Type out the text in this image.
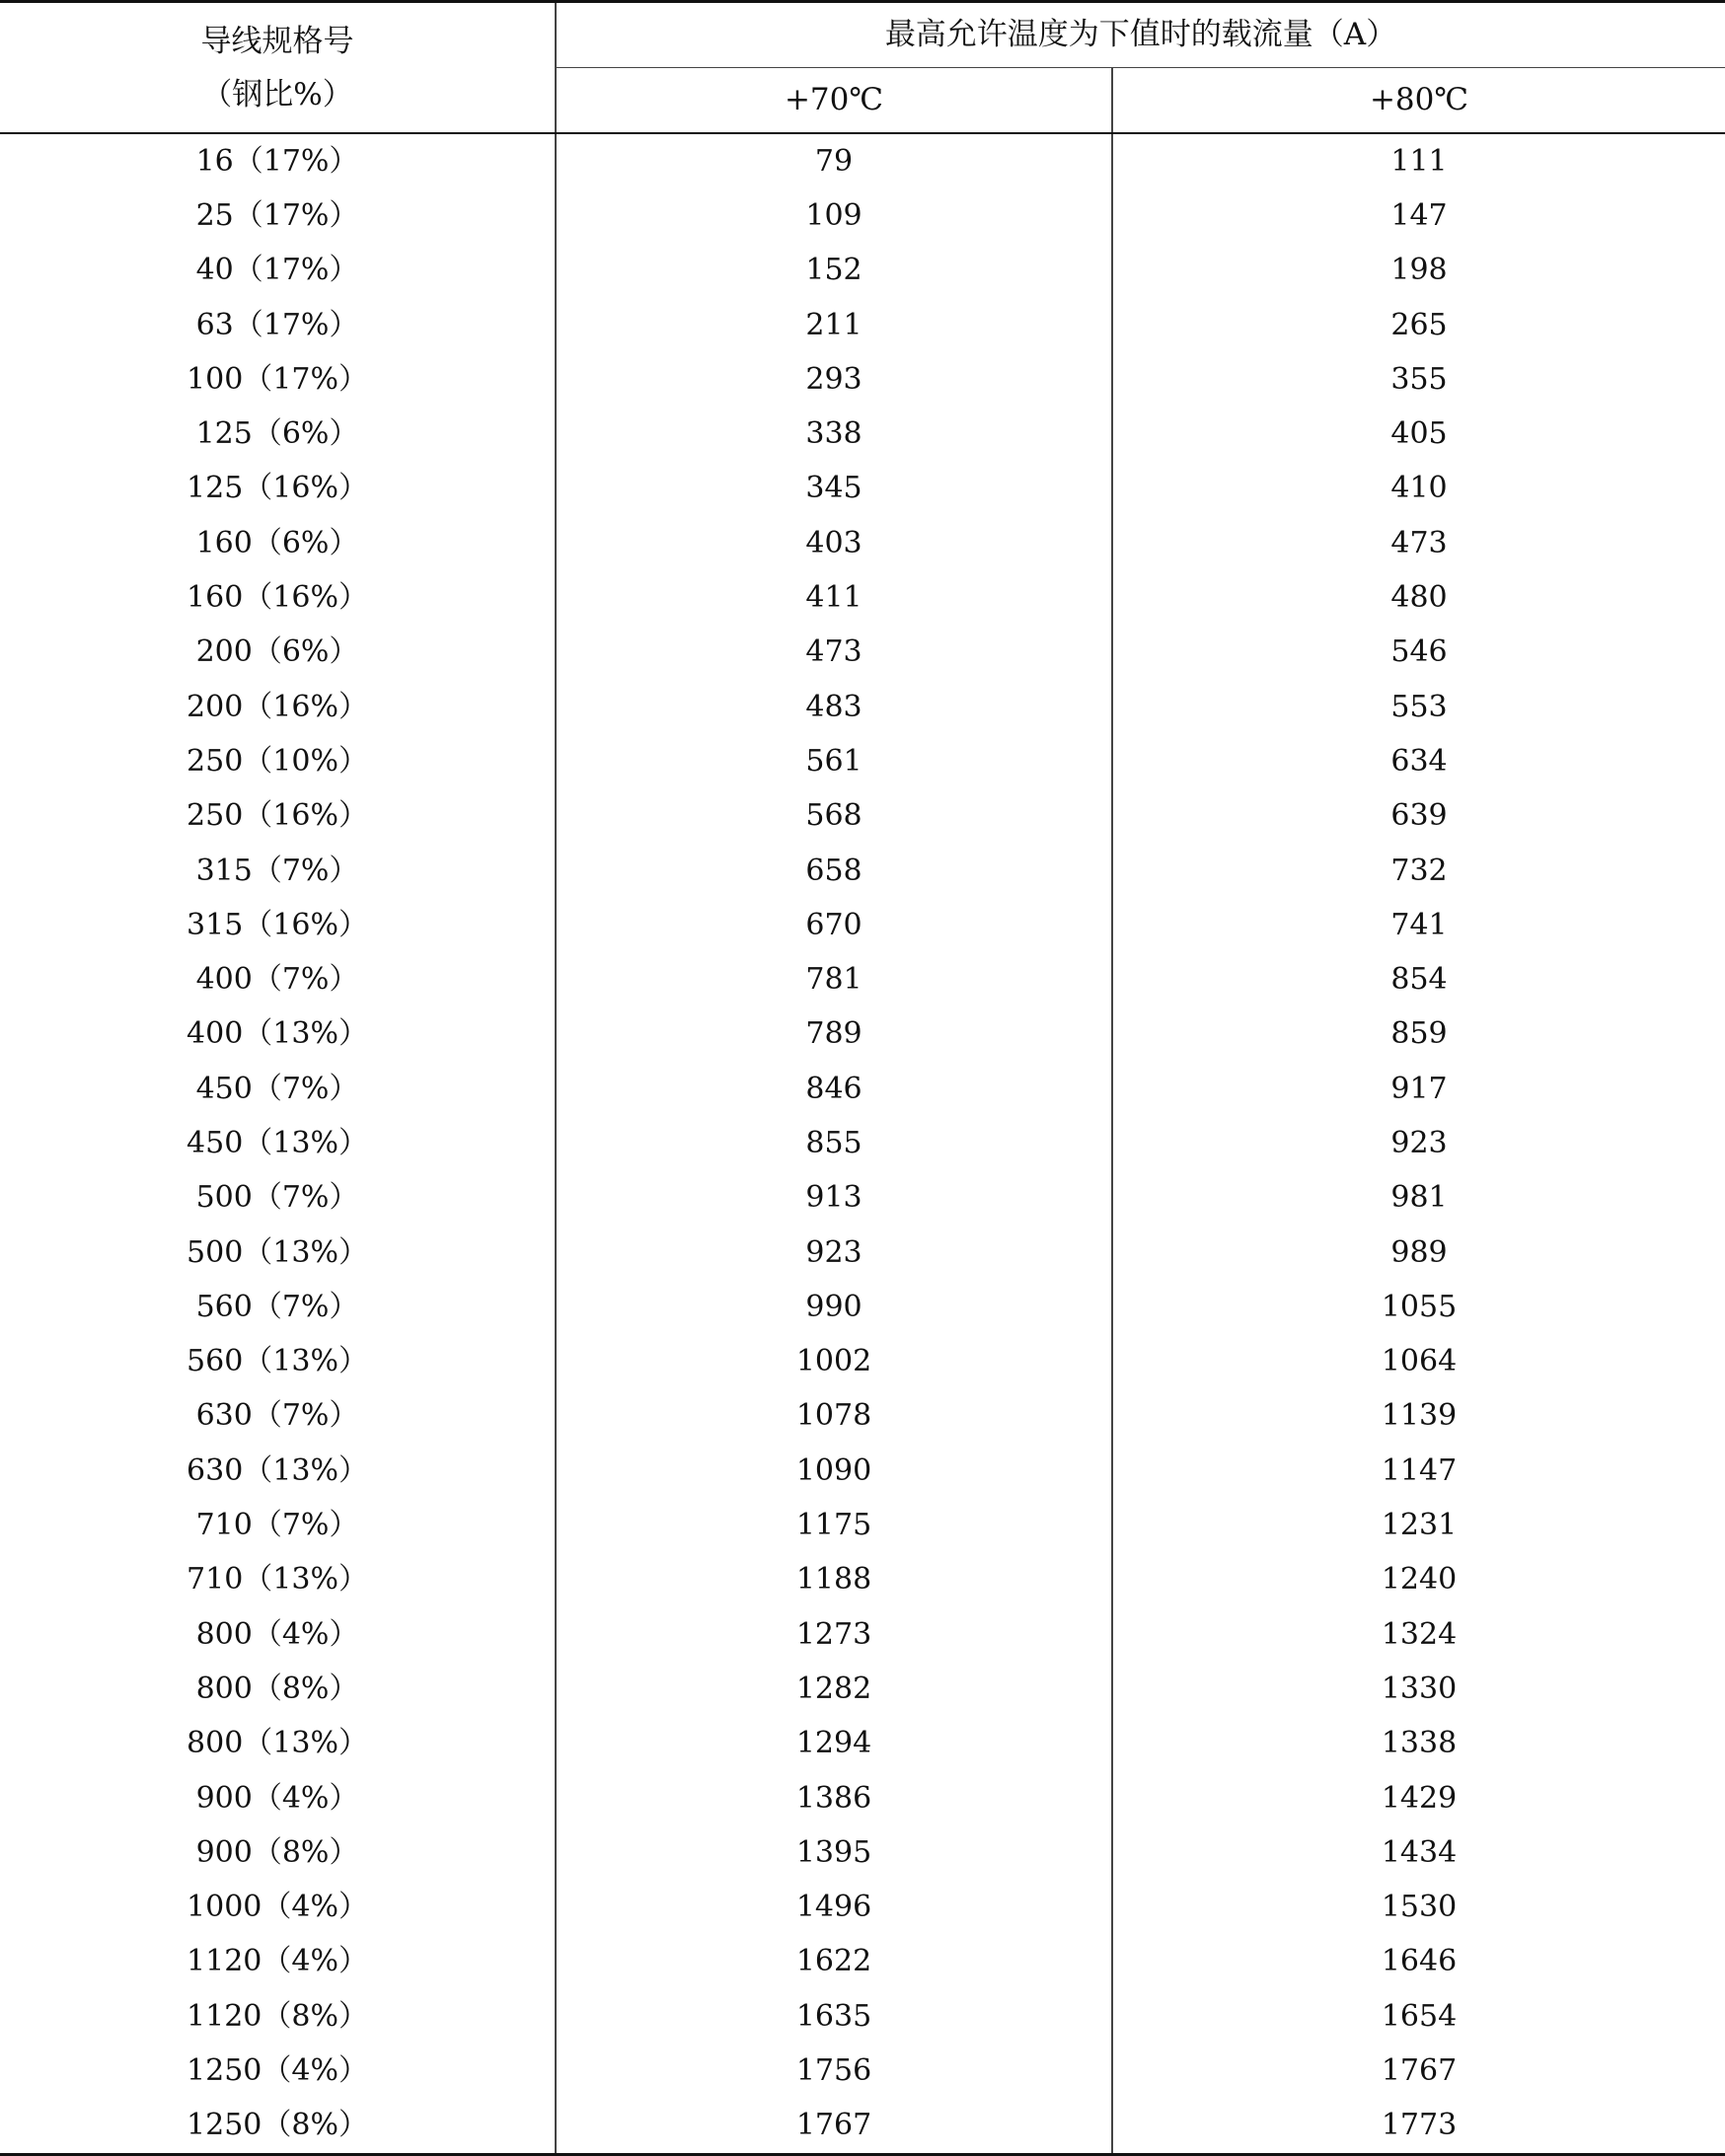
导线规格号
（钢比%）	最高允许温度为下值时的载流量（A）	
	+70℃	+80℃
16（17%）	79	111
25（17%）	109	147
40（17%）	152	198
63（17%）	211	265
100（17%）	293	355
125（6%）	338	405
125（16%）	345	410
160（6%）	403	473
160（16%）	411	480
200（6%）	473	546
200（16%）	483	553
250（10%）	561	634
250（16%）	568	639
315（7%）	658	732
315（16%）	670	741
400（7%）	781	854
400（13%）	789	859
450（7%）	846	917
450（13%）	855	923
500（7%）	913	981
500（13%）	923	989
560（7%）	990	1055
560（13%）	1002	1064
630（7%）	1078	1139
630（13%）	1090	1147
710（7%）	1175	1231
710（13%）	1188	1240
800（4%）	1273	1324
800（8%）	1282	1330
800（13%）	1294	1338
900（4%）	1386	1429
900（8%）	1395	1434
1000（4%）	1496	1530
1120（4%）	1622	1646
1120（8%）	1635	1654
1250（4%）	1756	1767
1250（8%）	1767	1773
